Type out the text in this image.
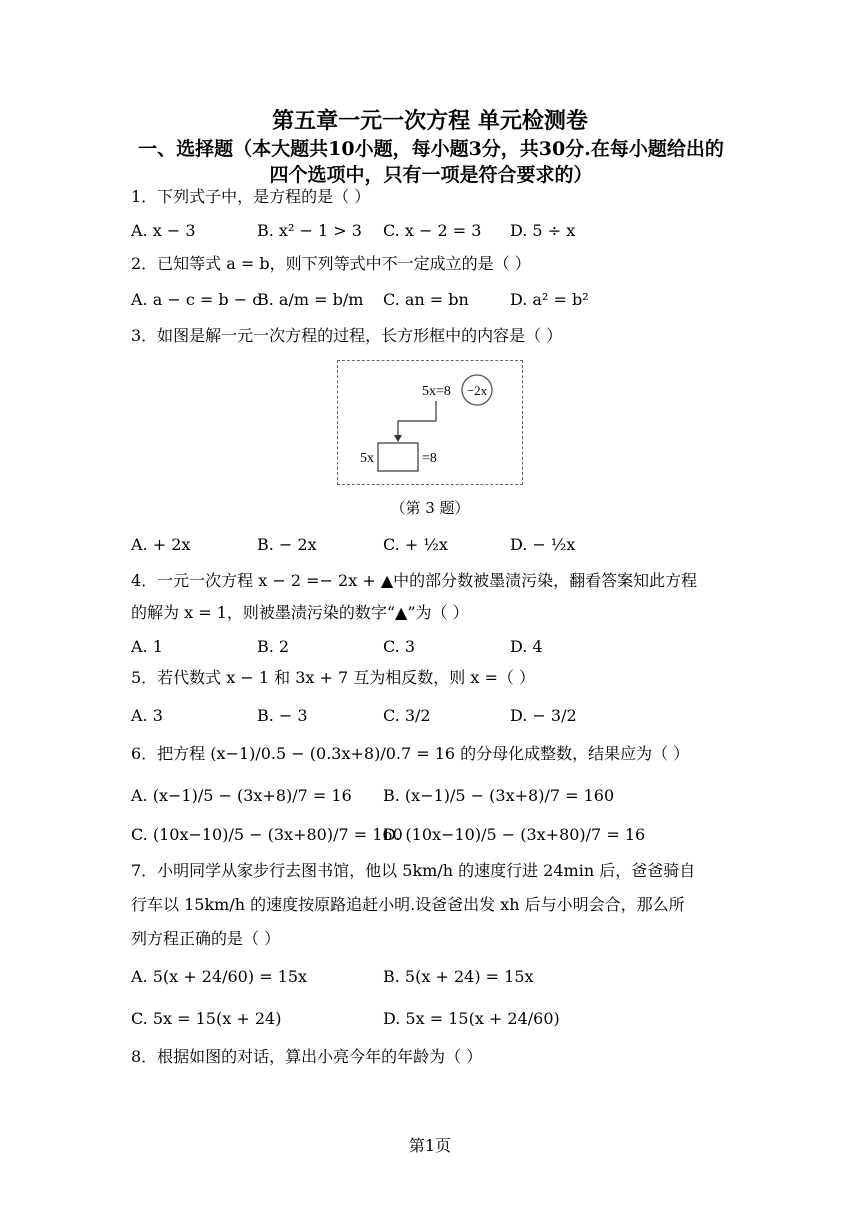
第五章一元一次方程 单元检测卷
一、选择题（本大题共10小题，每小题3分，共30分.在每小题给出的四个选项中，只有一项是符合要求的）
1．下列式子中，是方程的是（ ）
A. x − 3	B. x² − 1 > 3 C. x − 2 = 3 D. 5 ÷ x
2．已知等式 a = b，则下列等式中不一定成立的是（ ）
A. a − c = b − c
B. a/m = b/m C. an = bn	D. a² = b²
3．如图是解一元一次方程的过程，长方形框中的内容是（ ）
5x=8 −2x
5x	=8
（第 3 题）
A. + 2x	B. − 2x	C. + ½x	D. − ½x
4．一元一次方程 x − 2 =− 2x + ▲中的部分数被墨渍污染，翻看答案知此方程
的解为 x = 1，则被墨渍污染的数字“▲”为（ ）
A. 1	B. 2	C. 3	D. 4
5．若代数式 x − 1 和 3x + 7 互为相反数，则 x =（ ）
A. 3	B. − 3	C. 3/2	D. − 3/2
6．把方程 (x−1)/0.5 − (0.3x+8)/0.7 = 16 的分母化成整数，结果应为（ ）
A. (x−1)/5 − (3x+8)/7 = 16 B. (x−1)/5 − (3x+8)/7 = 160
C. (10x−10)/5 − (3x+80)/7 = 160
D. (10x−10)/5 − (3x+80)/7 = 16
7．小明同学从家步行去图书馆，他以 5km/h 的速度行进 24min 后，爸爸骑自
行车以 15km/h 的速度按原路追赶小明.设爸爸出发 xh 后与小明会合，那么所
列方程正确的是（ ）
A. 5(x + 24/60) = 15x	B. 5(x + 24) = 15x
C. 5x = 15(x + 24)	D. 5x = 15(x + 24/60)
8．根据如图的对话，算出小亮今年的年龄为（ ）
第1页
